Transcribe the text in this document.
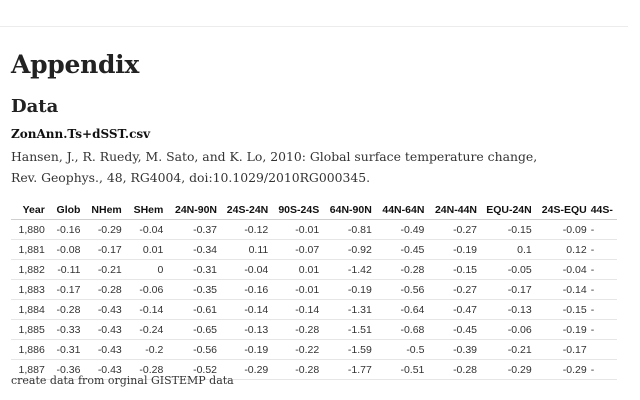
Appendix
Data

ZonAnn.Ts+dSST.csv

Hansen, J., R. Ruedy, M. Sato, and K. Lo, 2010: Global surface temperature change,
Rev. Geophys., 48, RG4004, doi:10.1029/2010RG000345.

Year	Glob	NHem	SHem	24N-90N	24S-24N	90S-24S	64N-90N	44N-64N	24N-44N	EQU-24N	24S-EQU	44S-
1,880	-0.16	-0.29	-0.04	-0.37	-0.12	-0.01	-0.81	-0.49	-0.27	-0.15	-0.09	-
1,881	-0.08	-0.17	0.01	-0.34	0.11	-0.07	-0.92	-0.45	-0.19	0.1	0.12	-
1,882	-0.11	-0.21	0	-0.31	-0.04	0.01	-1.42	-0.28	-0.15	-0.05	-0.04	-
1,883	-0.17	-0.28	-0.06	-0.35	-0.16	-0.01	-0.19	-0.56	-0.27	-0.17	-0.14	-
1,884	-0.28	-0.43	-0.14	-0.61	-0.14	-0.14	-1.31	-0.64	-0.47	-0.13	-0.15	-
1,885	-0.33	-0.43	-0.24	-0.65	-0.13	-0.28	-1.51	-0.68	-0.45	-0.06	-0.19	-
1,886	-0.31	-0.43	-0.2	-0.56	-0.19	-0.22	-1.59	-0.5	-0.39	-0.21	-0.17	
1,887	-0.36	-0.43	-0.28	-0.52	-0.29	-0.28	-1.77	-0.51	-0.28	-0.29	-0.29	-

create data from orginal GISTEMP data
